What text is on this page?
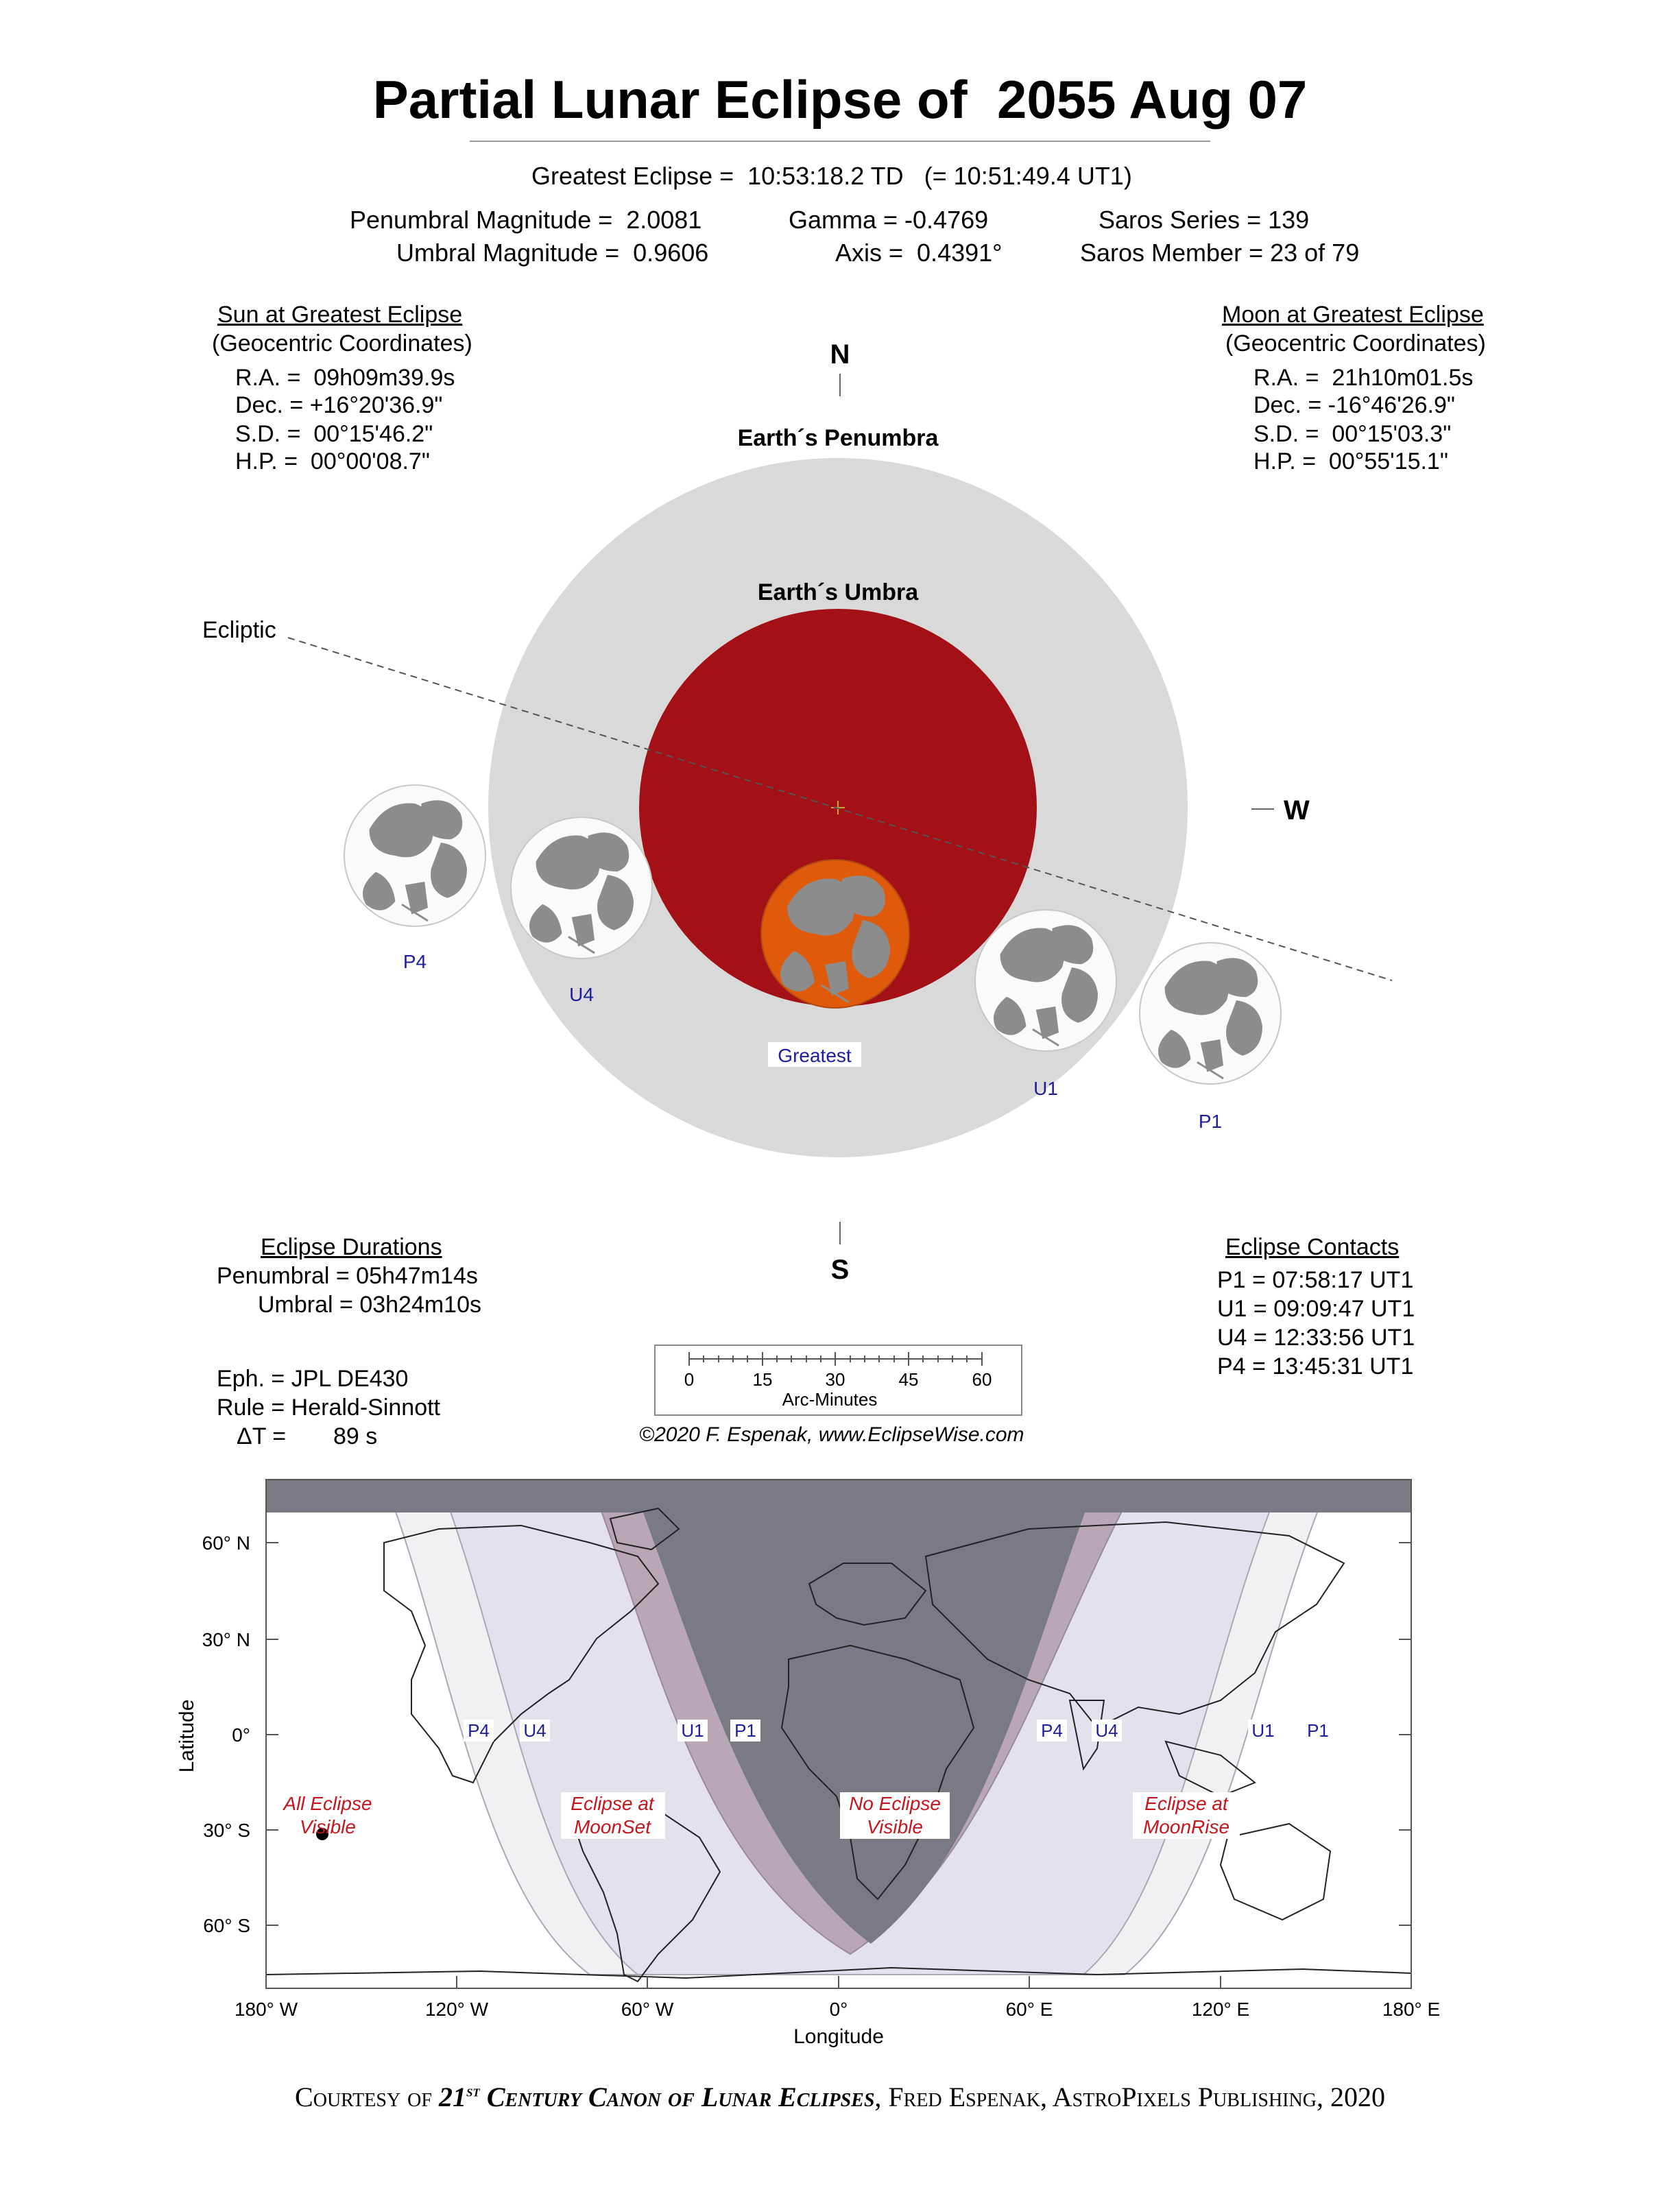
Partial Lunar Eclipse of  2055 Aug 07
Greatest Eclipse =  10:53:18.2 TD   (= 10:51:49.4 UT1)
Penumbral Magnitude =  2.0081
Umbral Magnitude =  0.9606
Gamma = -0.4769
Axis =  0.4391°
Saros Series = 139
Saros Member = 23 of 79
Sun at Greatest Eclipse
(Geocentric Coordinates)
R.A. =  09h09m39.9s
Dec. = +16°20'36.9"
S.D. =  00°15'46.2"
H.P. =  00°00'08.7"
Moon at Greatest Eclipse
(Geocentric Coordinates)
R.A. =  21h10m01.5s
Dec. = -16°46'26.9"
S.D. =  00°15'03.3"
H.P. =  00°55'15.1"
N
S
Earth´s Penumbra
Earth´s Umbra
Ecliptic
W
P4
U4
Greatest
U1
P1
0	15	30	45	60
Arc-Minutes
©2020 F. Espenak, www.EclipseWise.com
Eclipse Durations
Penumbral = 05h47m14s
Umbral = 03h24m10s
Eclipse Contacts
P1 = 07:58:17 UT1
U1 = 09:09:47 UT1
U4 = 12:33:56 UT1
P4 = 13:45:31 UT1
Eph. = JPL DE430
Rule = Herald-Sinnott
ΔT = 89 s
60° N
30° N
0°
30° S
60° S
Latitude
180° W	120° W	60° W	0°	60° E	120° E	180° E
Longitude
P4 U4	U1 P1	P4 U4	U1 P1
All Eclipse
Visible
Eclipse at
MoonSet
No Eclipse
Visible
Eclipse at
MoonRise
Courtesy of 21st Century Canon of Lunar Eclipses, Fred Espenak, AstroPixels Publishing, 2020
